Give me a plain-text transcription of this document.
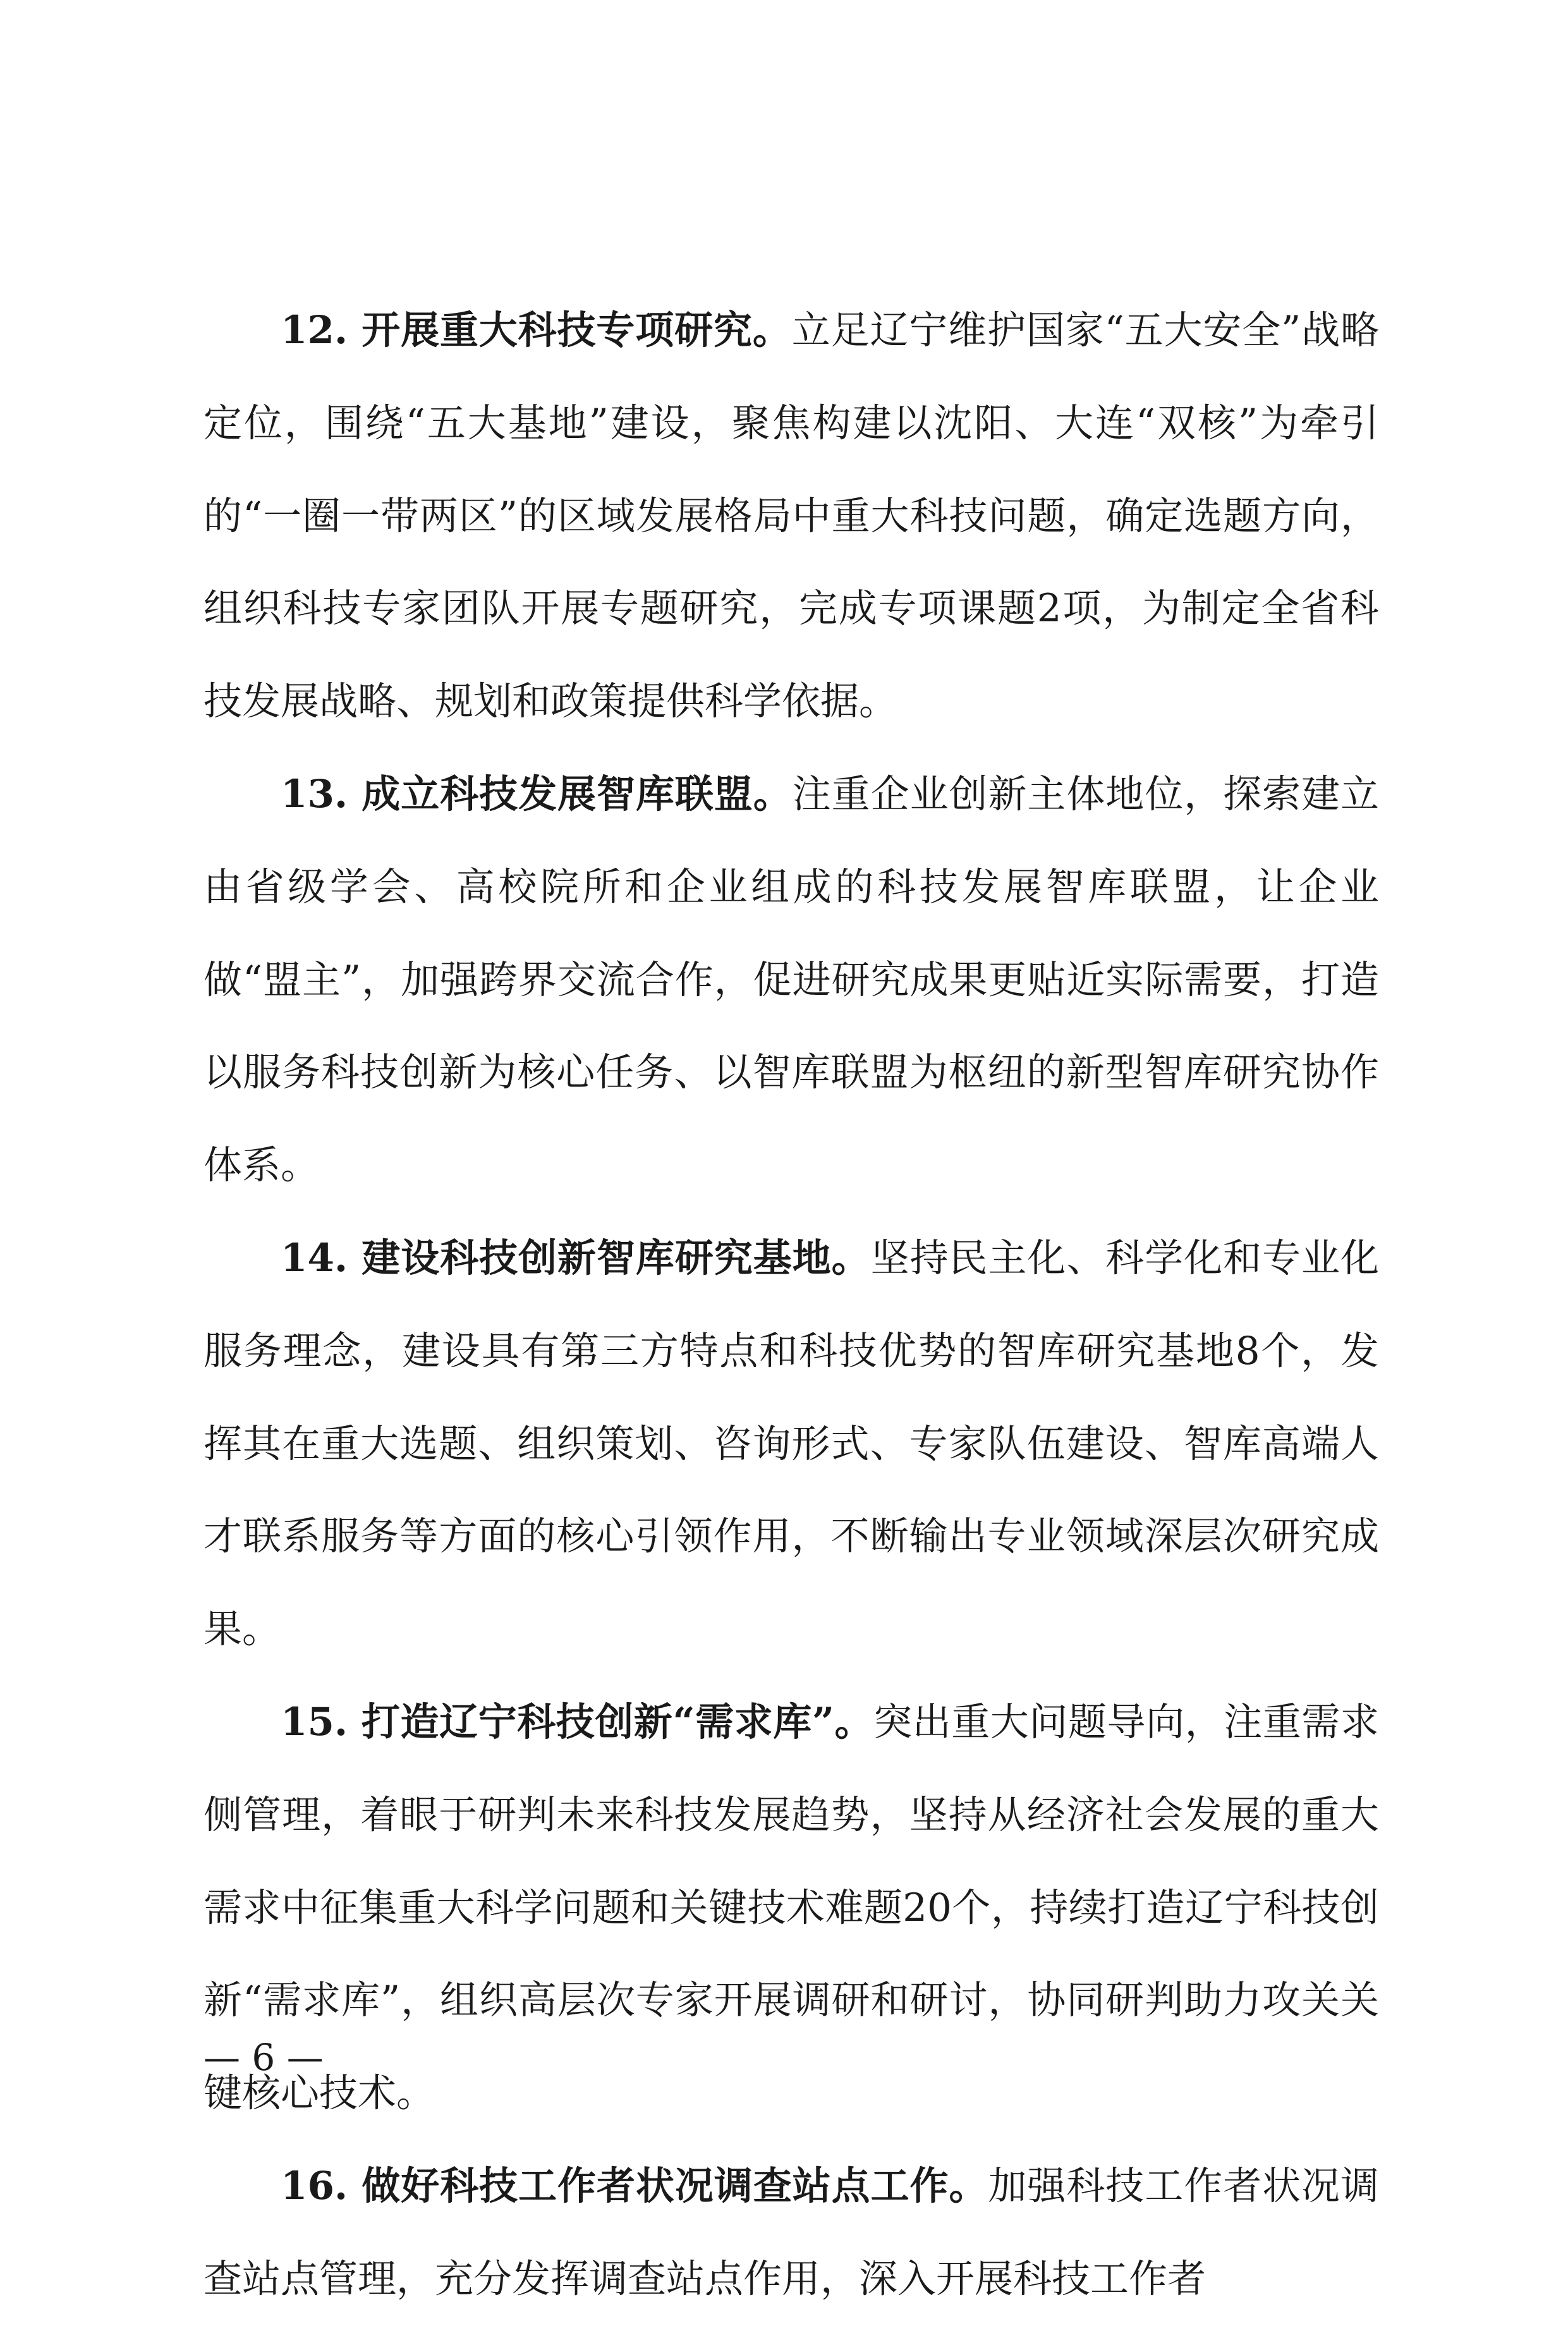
12. 开展重大科技专项研究。立足辽宁维护国家“五大安全”战略定位，围绕“五大基地”建设，聚焦构建以沈阳、大连“双核”为牵引的“一圈一带两区”的区域发展格局中重大科技问题，确定选题方向，组织科技专家团队开展专题研究，完成专项课题2项，为制定全省科技发展战略、规划和政策提供科学依据。

13. 成立科技发展智库联盟。注重企业创新主体地位，探索建立由省级学会、高校院所和企业组成的科技发展智库联盟，让企业做“盟主”，加强跨界交流合作，促进研究成果更贴近实际需要，打造以服务科技创新为核心任务、以智库联盟为枢纽的新型智库研究协作体系。

14. 建设科技创新智库研究基地。坚持民主化、科学化和专业化服务理念，建设具有第三方特点和科技优势的智库研究基地8个，发挥其在重大选题、组织策划、咨询形式、专家队伍建设、智库高端人才联系服务等方面的核心引领作用，不断输出专业领域深层次研究成果。

15. 打造辽宁科技创新“需求库”。突出重大问题导向，注重需求侧管理，着眼于研判未来科技发展趋势，坚持从经济社会发展的重大需求中征集重大科学问题和关键技术难题20个，持续打造辽宁科技创新“需求库”，组织高层次专家开展调研和研讨，协同研判助力攻关关键核心技术。

16. 做好科技工作者状况调查站点工作。加强科技工作者状况调查站点管理，充分发挥调查站点作用，深入开展科技工作者

— 6 —
